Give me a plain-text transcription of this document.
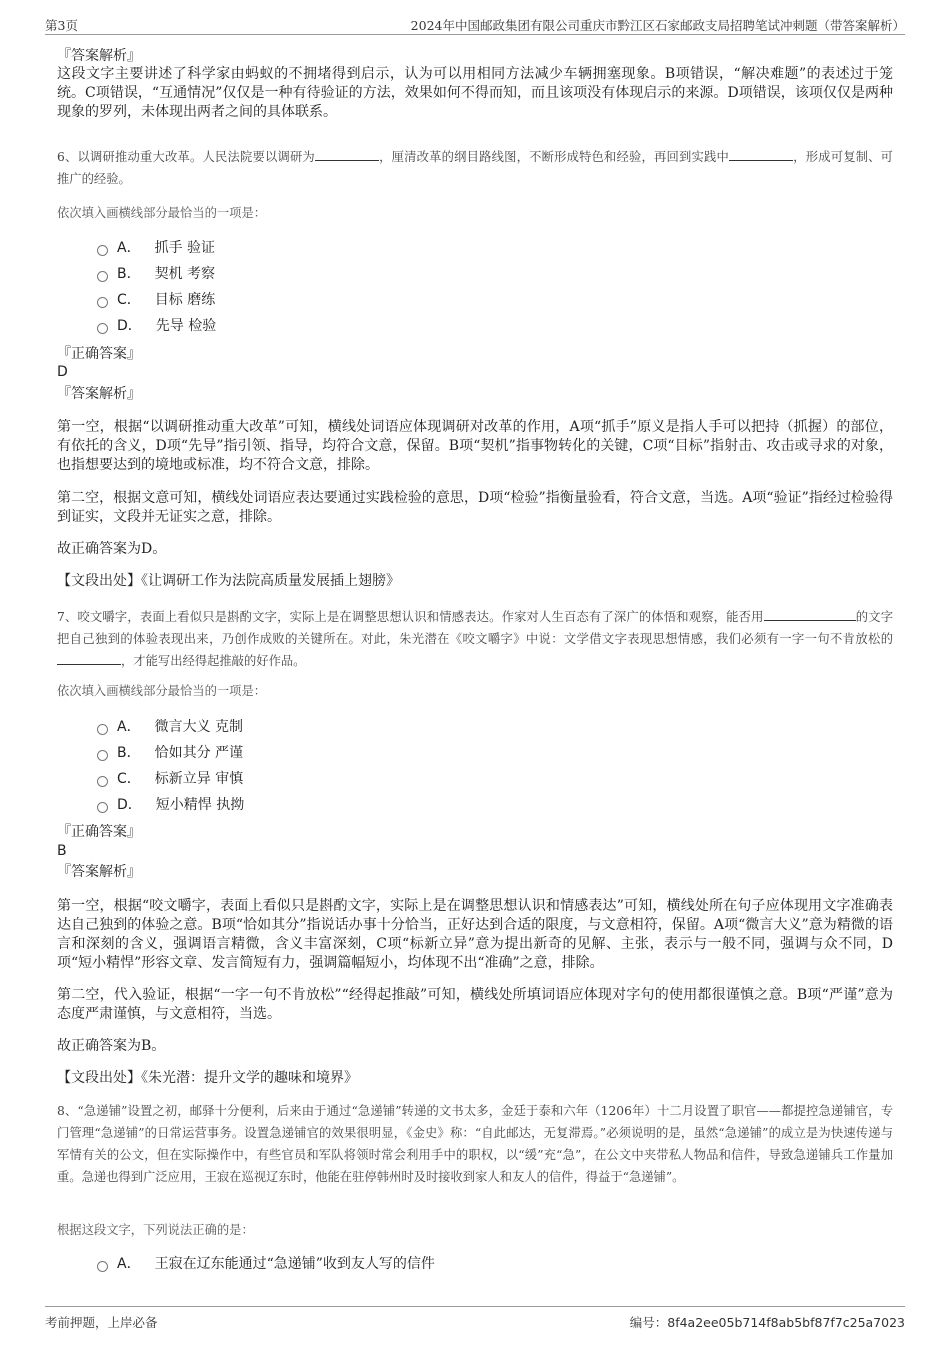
第3页	2024年中国邮政集团有限公司重庆市黔江区石家邮政支局招聘笔试冲刺题（带答案解析）
『答案解析』
这段文字主要讲述了科学家由蚂蚁的不拥堵得到启示，认为可以用相同方法减少车辆拥塞现象。B项错误，“解决难题”的表述过于笼统。C项错误，“互通情况”仅仅是一种有待验证的方法，效果如何不得而知，而且该项没有体现启示的来源。D项错误，该项仅仅是两种现象的罗列，未体现出两者之间的具体联系。
6、以调研推动重大改革。人民法院要以调研为	，厘清改革的纲目路线图，不断形成特色和经验，再回到实践中	，形成可复制、可推广的经验。
依次填入画横线部分最恰当的一项是：
A． 抓手 验证
B． 契机 考察
C． 目标 磨练
D． 先导 检验
『正确答案』
D
『答案解析』
第一空，根据“以调研推动重大改革”可知，横线处词语应体现调研对改革的作用，A项“抓手”原义是指人手可以把持（抓握）的部位，有依托的含义，D项“先导”指引领、指导，均符合文意，保留。B项“契机”指事物转化的关键，C项“目标”指射击、攻击或寻求的对象，也指想要达到的境地或标准，均不符合文意，排除。
第二空，根据文意可知，横线处词语应表达要通过实践检验的意思，D项“检验”指衡量验看，符合文意，当选。A项“验证”指经过检验得到证实，文段并无证实之意，排除。
故正确答案为D。
【文段出处】《让调研工作为法院高质量发展插上翅膀》
7、咬文嚼字，表面上看似只是斟酌文字，实际上是在调整思想认识和情感表达。作家对人生百态有了深广的体悟和观察，能否用	的文字把自己独到的体验表现出来，乃创作成败的关键所在。对此，朱光潜在《咬文嚼字》中说：文学借文字表现思想情感，我们必须有一字一句不肯放松的，才能写出经得起推敲的好作品。
依次填入画横线部分最恰当的一项是：
A． 微言大义 克制
B． 恰如其分 严谨
C． 标新立异 审慎
D． 短小精悍 执拗
『正确答案』
B
『答案解析』
第一空，根据“咬文嚼字，表面上看似只是斟酌文字，实际上是在调整思想认识和情感表达”可知，横线处所在句子应体现用文字准确表达自己独到的体验之意。B项“恰如其分”指说话办事十分恰当，正好达到合适的限度，与文意相符，保留。A项“微言大义”意为精微的语言和深刻的含义，强调语言精微，含义丰富深刻，C项“标新立异”意为提出新奇的见解、主张，表示与一般不同，强调与众不同，D项“短小精悍”形容文章、发言简短有力，强调篇幅短小，均体现不出“准确”之意，排除。
第二空，代入验证，根据“一字一句不肯放松”“经得起推敲”可知，横线处所填词语应体现对字句的使用都很谨慎之意。B项“严谨”意为态度严肃谨慎，与文意相符，当选。
故正确答案为B。
【文段出处】《朱光潜：提升文学的趣味和境界》
8、“急递铺”设置之初，邮驿十分便利，后来由于通过“急递铺”转递的文书太多，金廷于泰和六年（1206年）十二月设置了职官——都提控急递铺官，专门管理“急递铺”的日常运营事务。设置急递铺官的效果很明显，《金史》称：“自此邮达，无复滞焉。”必须说明的是，虽然“急递铺”的成立是为快速传递与军情有关的公文，但在实际操作中，有些官员和军队将领时常会利用手中的职权，以“缓”充“急”，在公文中夹带私人物品和信件，导致急递铺兵工作量加重。急递也得到广泛应用，王寂在巡视辽东时，他能在驻停韩州时及时接收到家人和友人的信件，得益于“急递铺”。
根据这段文字，下列说法正确的是：
A． 王寂在辽东能通过“急递铺”收到友人写的信件
考前押题，上岸必备	编号：8f4a2ee05b714f8ab5bf87f7c25a7023
